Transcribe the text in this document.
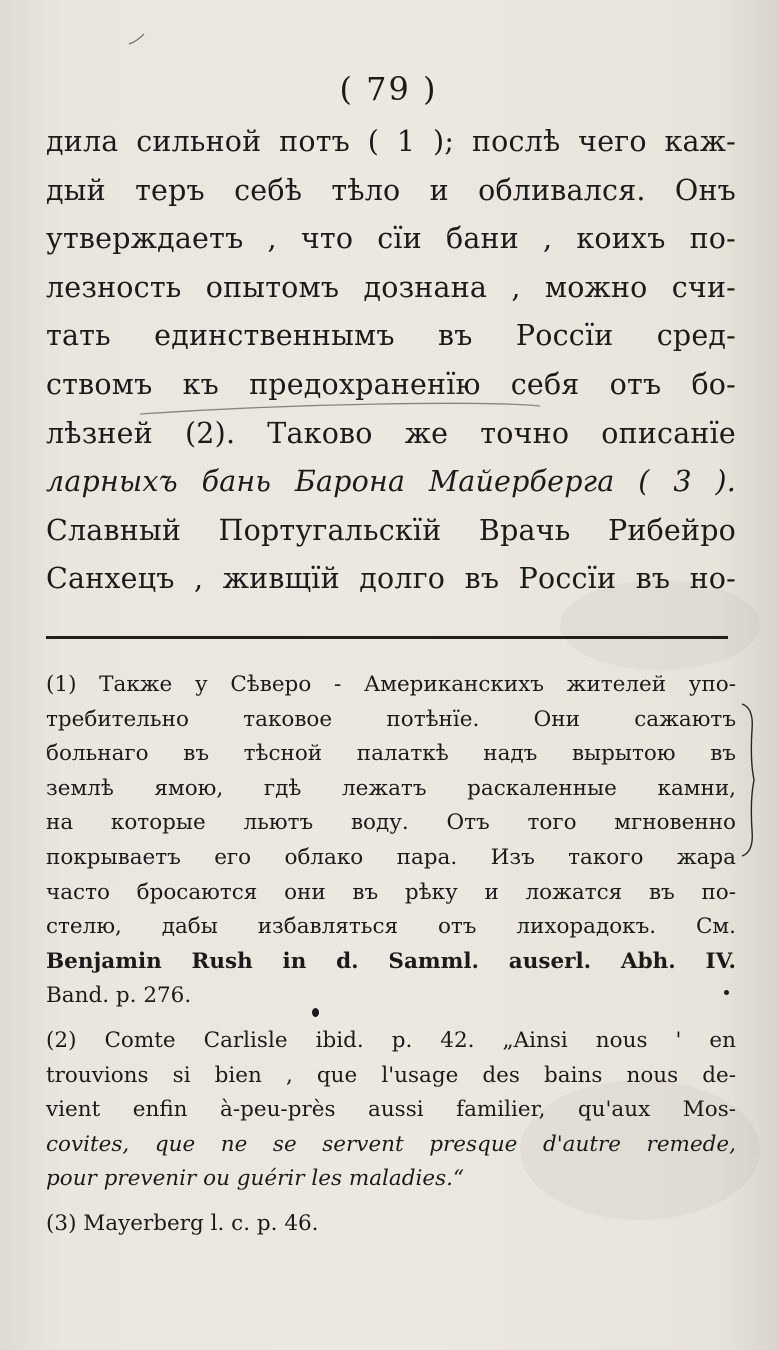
( 79 )
дила сильной потъ ( 1 ); послѣ чего каж-
дый теръ себѣ тѣло и обливался. Онъ
утверждаетъ , что сїи бани , коихъ по-
лезность опытомъ дознана , можно счи-
тать единственнымъ въ Россїи сред-
ствомъ къ предохраненїю себя отъ бо-
лѣзней (2). Таково же точно описанїе
ларныхъ бань Барона Майерберга ( 3 ).
Славный Португальскїй Врачь Рибейро
Санхецъ , живщїй долго въ Россїи въ но-
(1) Также у Сѣверо - Американскихъ жителей упо-
требительно таковое потѣнїе. Они сажаютъ
больнаго въ тѣсной палаткѣ надъ вырытою въ
землѣ ямою, гдѣ лежатъ раскаленные камни,
на которые льютъ воду. Отъ того мгновенно
покрываетъ его облако пара. Изъ такого жара
часто бросаются они въ рѣку и ложатся въ по-
стелю, дабы избавляться отъ лихорадокъ. См.
Benjamin Rush in d. Samml. auserl. Abh. IV.
Band. p. 276.
(2) Comte Carlisle ibid. p. 42. „Ainsi nous ' en
trouvions si bien , que l'usage des bains nous de-
vient enfin à-peu-près aussi familier, qu'aux Mos-
covites, que ne se servent presque d'autre remede,
pour prevenir ou guérir les maladies.“
(3) Mayerberg l. c. p. 46.
